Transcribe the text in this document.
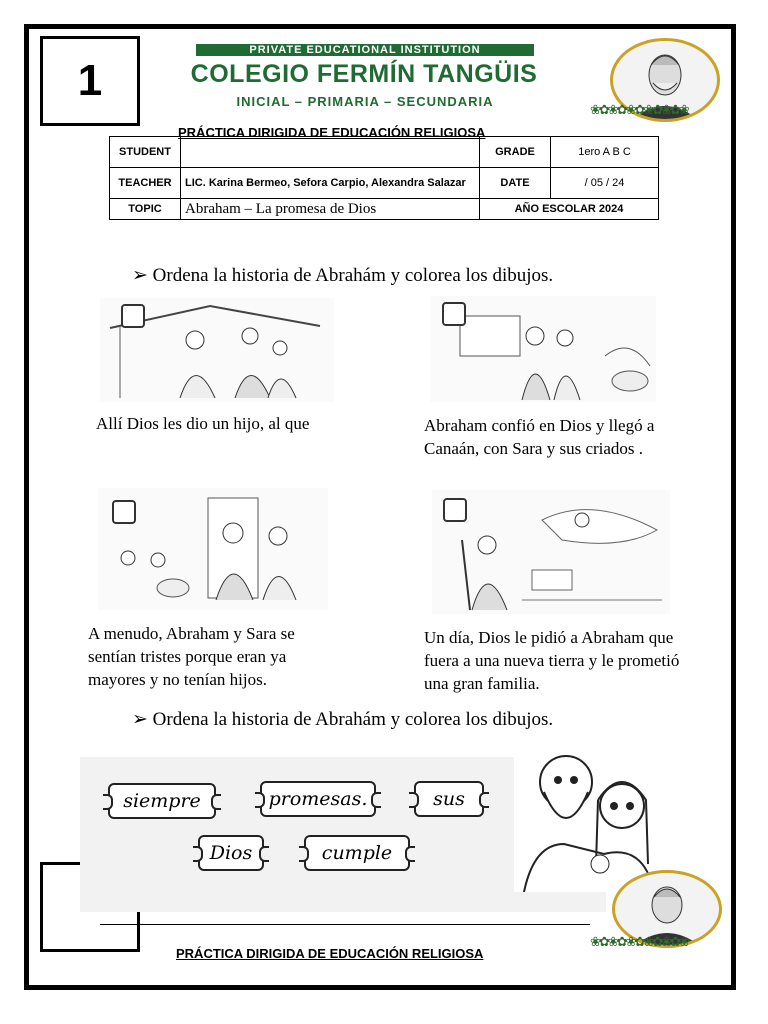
1
PRIVATE EDUCATIONAL INSTITUTION
COLEGIO FERMÍN TANGÜIS
INICIAL – PRIMARIA – SECUNDARIA
❀✿❀✿❀✿❀✿❀✿❀
PRÁCTICA DIRIGIDA DE EDUCACIÓN RELIGIOSA
STUDENT		GRADE	1ero A B C
TEACHER	LIC. Karina Bermeo, Sefora Carpio, Alexandra Salazar	DATE	/ 05 / 24
TOPIC	Abraham – La promesa de Dios	AÑO ESCOLAR 2024	
➢ Ordena la historia de Abrahám y colorea los dibujos.
Allí Dios les dio un hijo, al que	Abraham confió en Dios y llegó a Canaán, con Sara y sus criados .
A menudo, Abraham y Sara se sentían tristes porque eran ya mayores y no tenían hijos.
Un día, Dios le pidió a Abraham que fuera a una nueva tierra y le prometió una gran familia.
➢ Ordena la historia de Abrahám y colorea los dibujos.
siempre	promesas.	sus
Dios	cumple
❀✿❀✿❀✿❀✿❀✿❀
PRÁCTICA DIRIGIDA DE EDUCACIÓN RELIGIOSA
